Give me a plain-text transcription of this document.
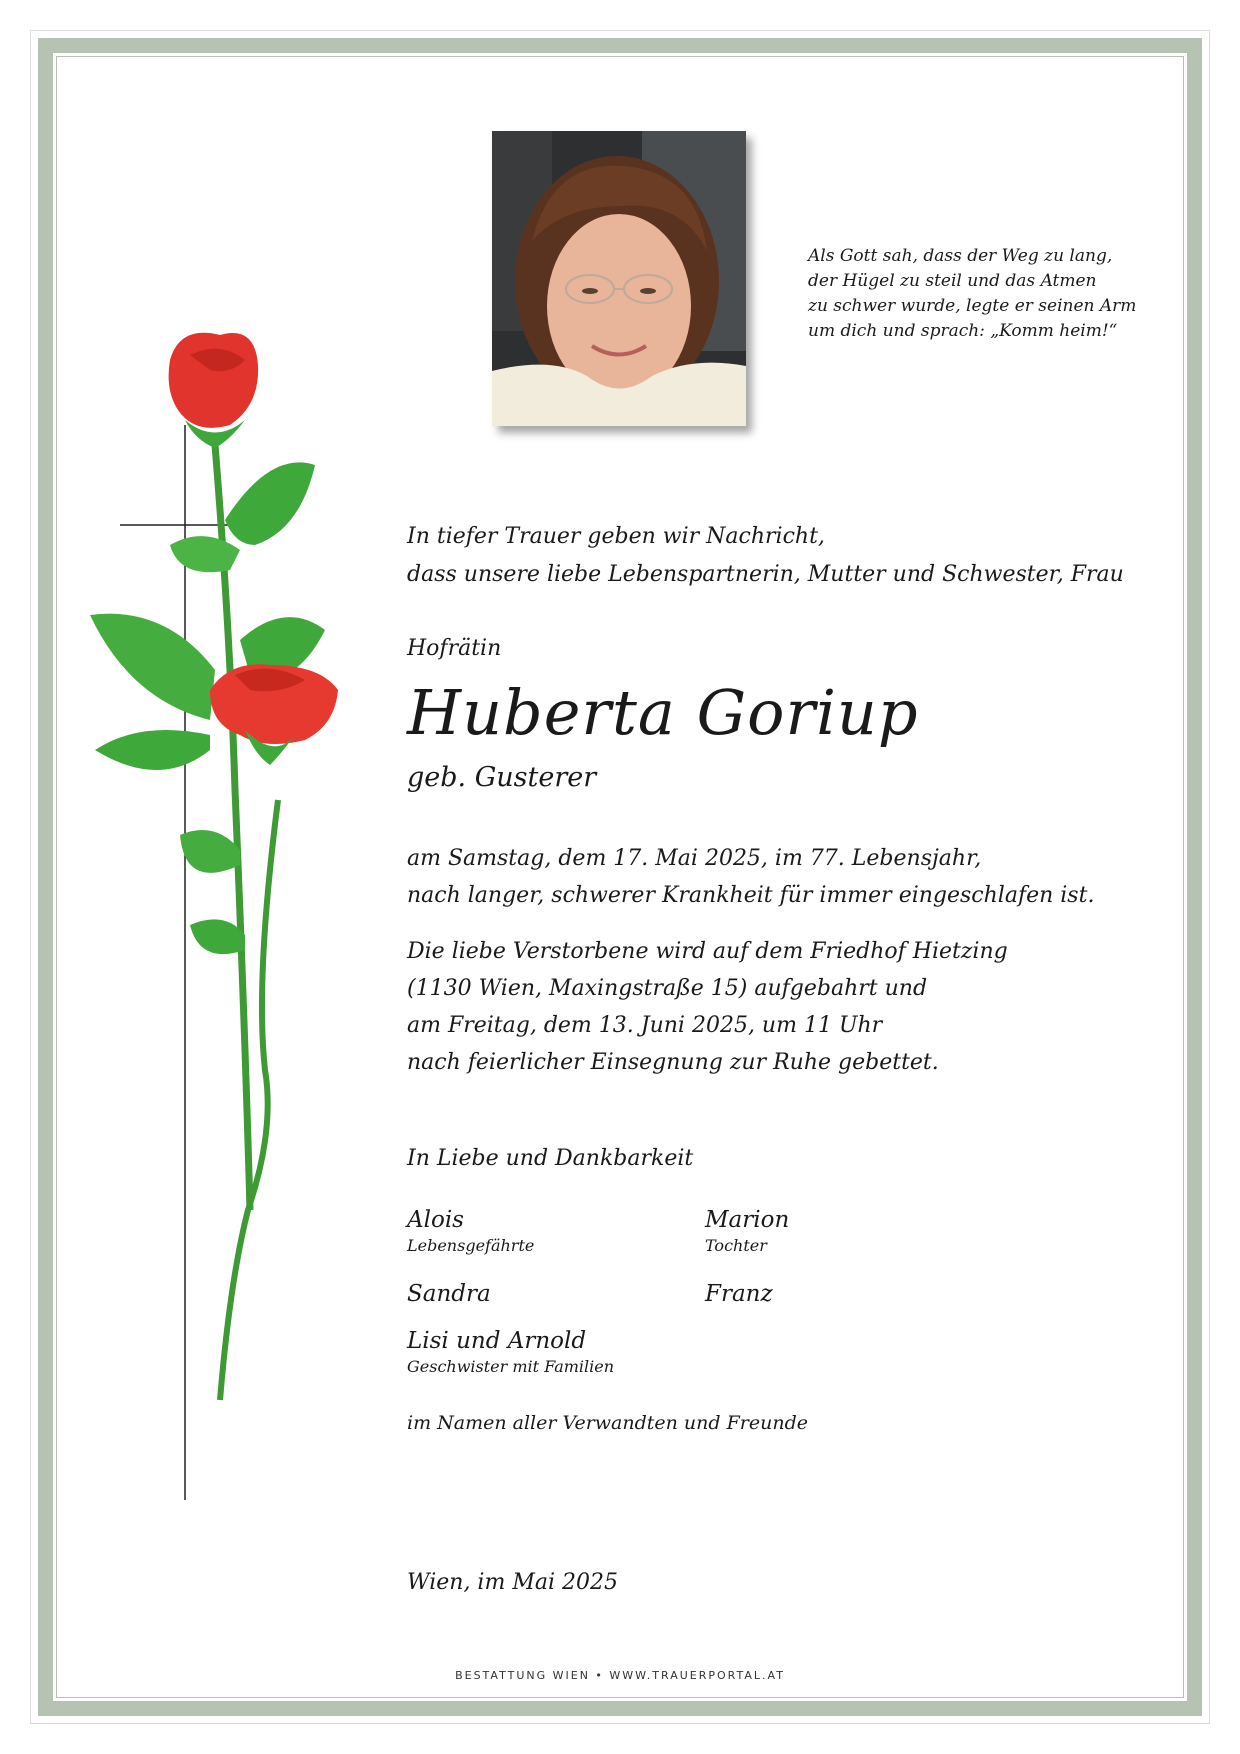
Als Gott sah, dass der Weg zu lang,
der Hügel zu steil und das Atmen
zu schwer wurde, legte er seinen Arm
um dich und sprach: „Komm heim!“
In tiefer Trauer geben wir Nachricht,
dass unsere liebe Lebenspartnerin, Mutter und Schwester, Frau
Hofrätin
Huberta Goriup
geb. Gusterer
am Samstag, dem 17. Mai 2025, im 77. Lebensjahr,
nach langer, schwerer Krankheit für immer eingeschlafen ist.
Die liebe Verstorbene wird auf dem Friedhof Hietzing
(1130 Wien, Maxingstraße 15) aufgebahrt und
am Freitag, dem 13. Juni 2025, um 11 Uhr
nach feierlicher Einsegnung zur Ruhe gebettet.
In Liebe und Dankbarkeit
Alois
Lebensgefährte
Marion
Tochter
Sandra	Franz
Lisi und Arnold
Geschwister mit Familien
im Namen aller Verwandten und Freunde
Wien, im Mai 2025
BESTATTUNG WIEN • WWW.TRAUERPORTAL.AT
